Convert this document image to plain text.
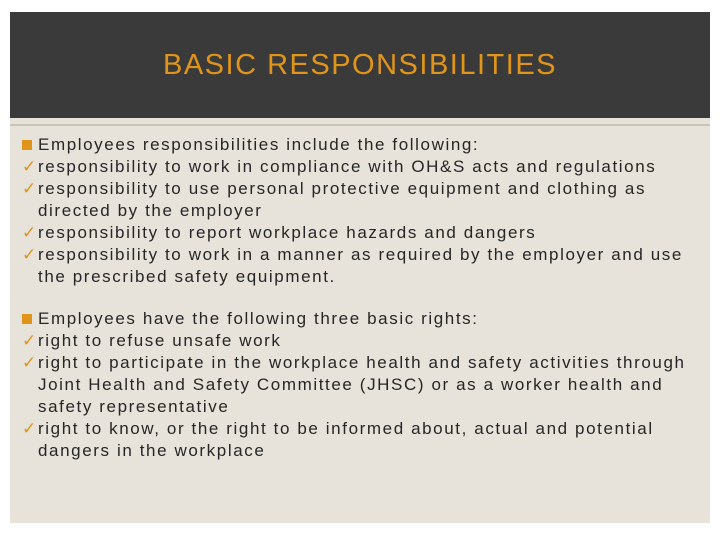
BASIC RESPONSIBILITIES
Employees responsibilities include the following:
✓ responsibility to work in compliance with OH&S acts and regulations
✓ responsibility to use personal protective equipment and clothing as directed by the employer
✓ responsibility to report workplace hazards and dangers
✓ responsibility to work in a manner as required by the employer and use the prescribed safety equipment.
Employees have the following three basic rights:
✓ right to refuse unsafe work
✓ right to participate in the workplace health and safety activities through Joint Health and Safety Committee (JHSC) or as a worker health and safety representative
✓ right to know, or the right to be informed about, actual and potential dangers in the workplace
